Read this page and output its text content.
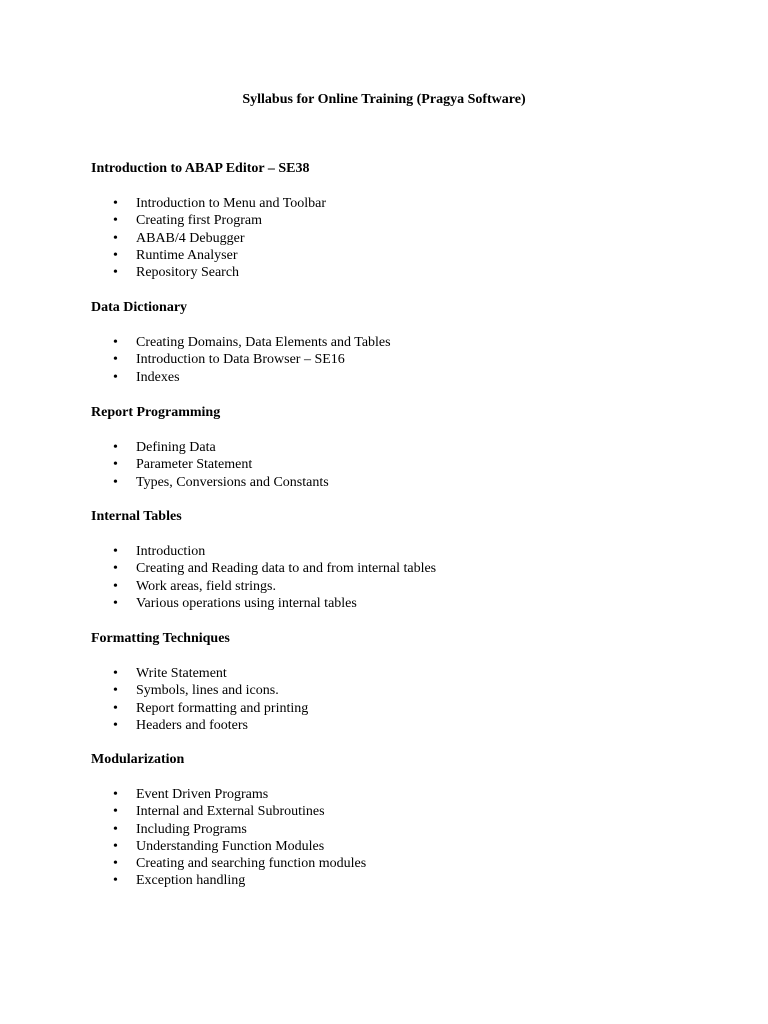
Syllabus for Online Training (Pragya Software)
Introduction to ABAP Editor – SE38
•	Introduction to Menu and Toolbar
•	Creating first Program
•	ABAB/4 Debugger
•	Runtime Analyser
•	Repository Search
Data Dictionary
•	Creating Domains, Data Elements and Tables
•	Introduction to Data Browser – SE16
•	Indexes
Report Programming
•	Defining Data
•	Parameter Statement
•	Types, Conversions and Constants
Internal Tables
•	Introduction
•	Creating and Reading data to and from internal tables
•	Work areas, field strings.
•	Various operations using internal tables
Formatting Techniques
•	Write Statement
•	Symbols, lines and icons.
•	Report formatting and printing
•	Headers and footers
Modularization
•	Event Driven Programs
•	Internal and External Subroutines
•	Including Programs
•	Understanding Function Modules
•	Creating and searching function modules
•	Exception handling
